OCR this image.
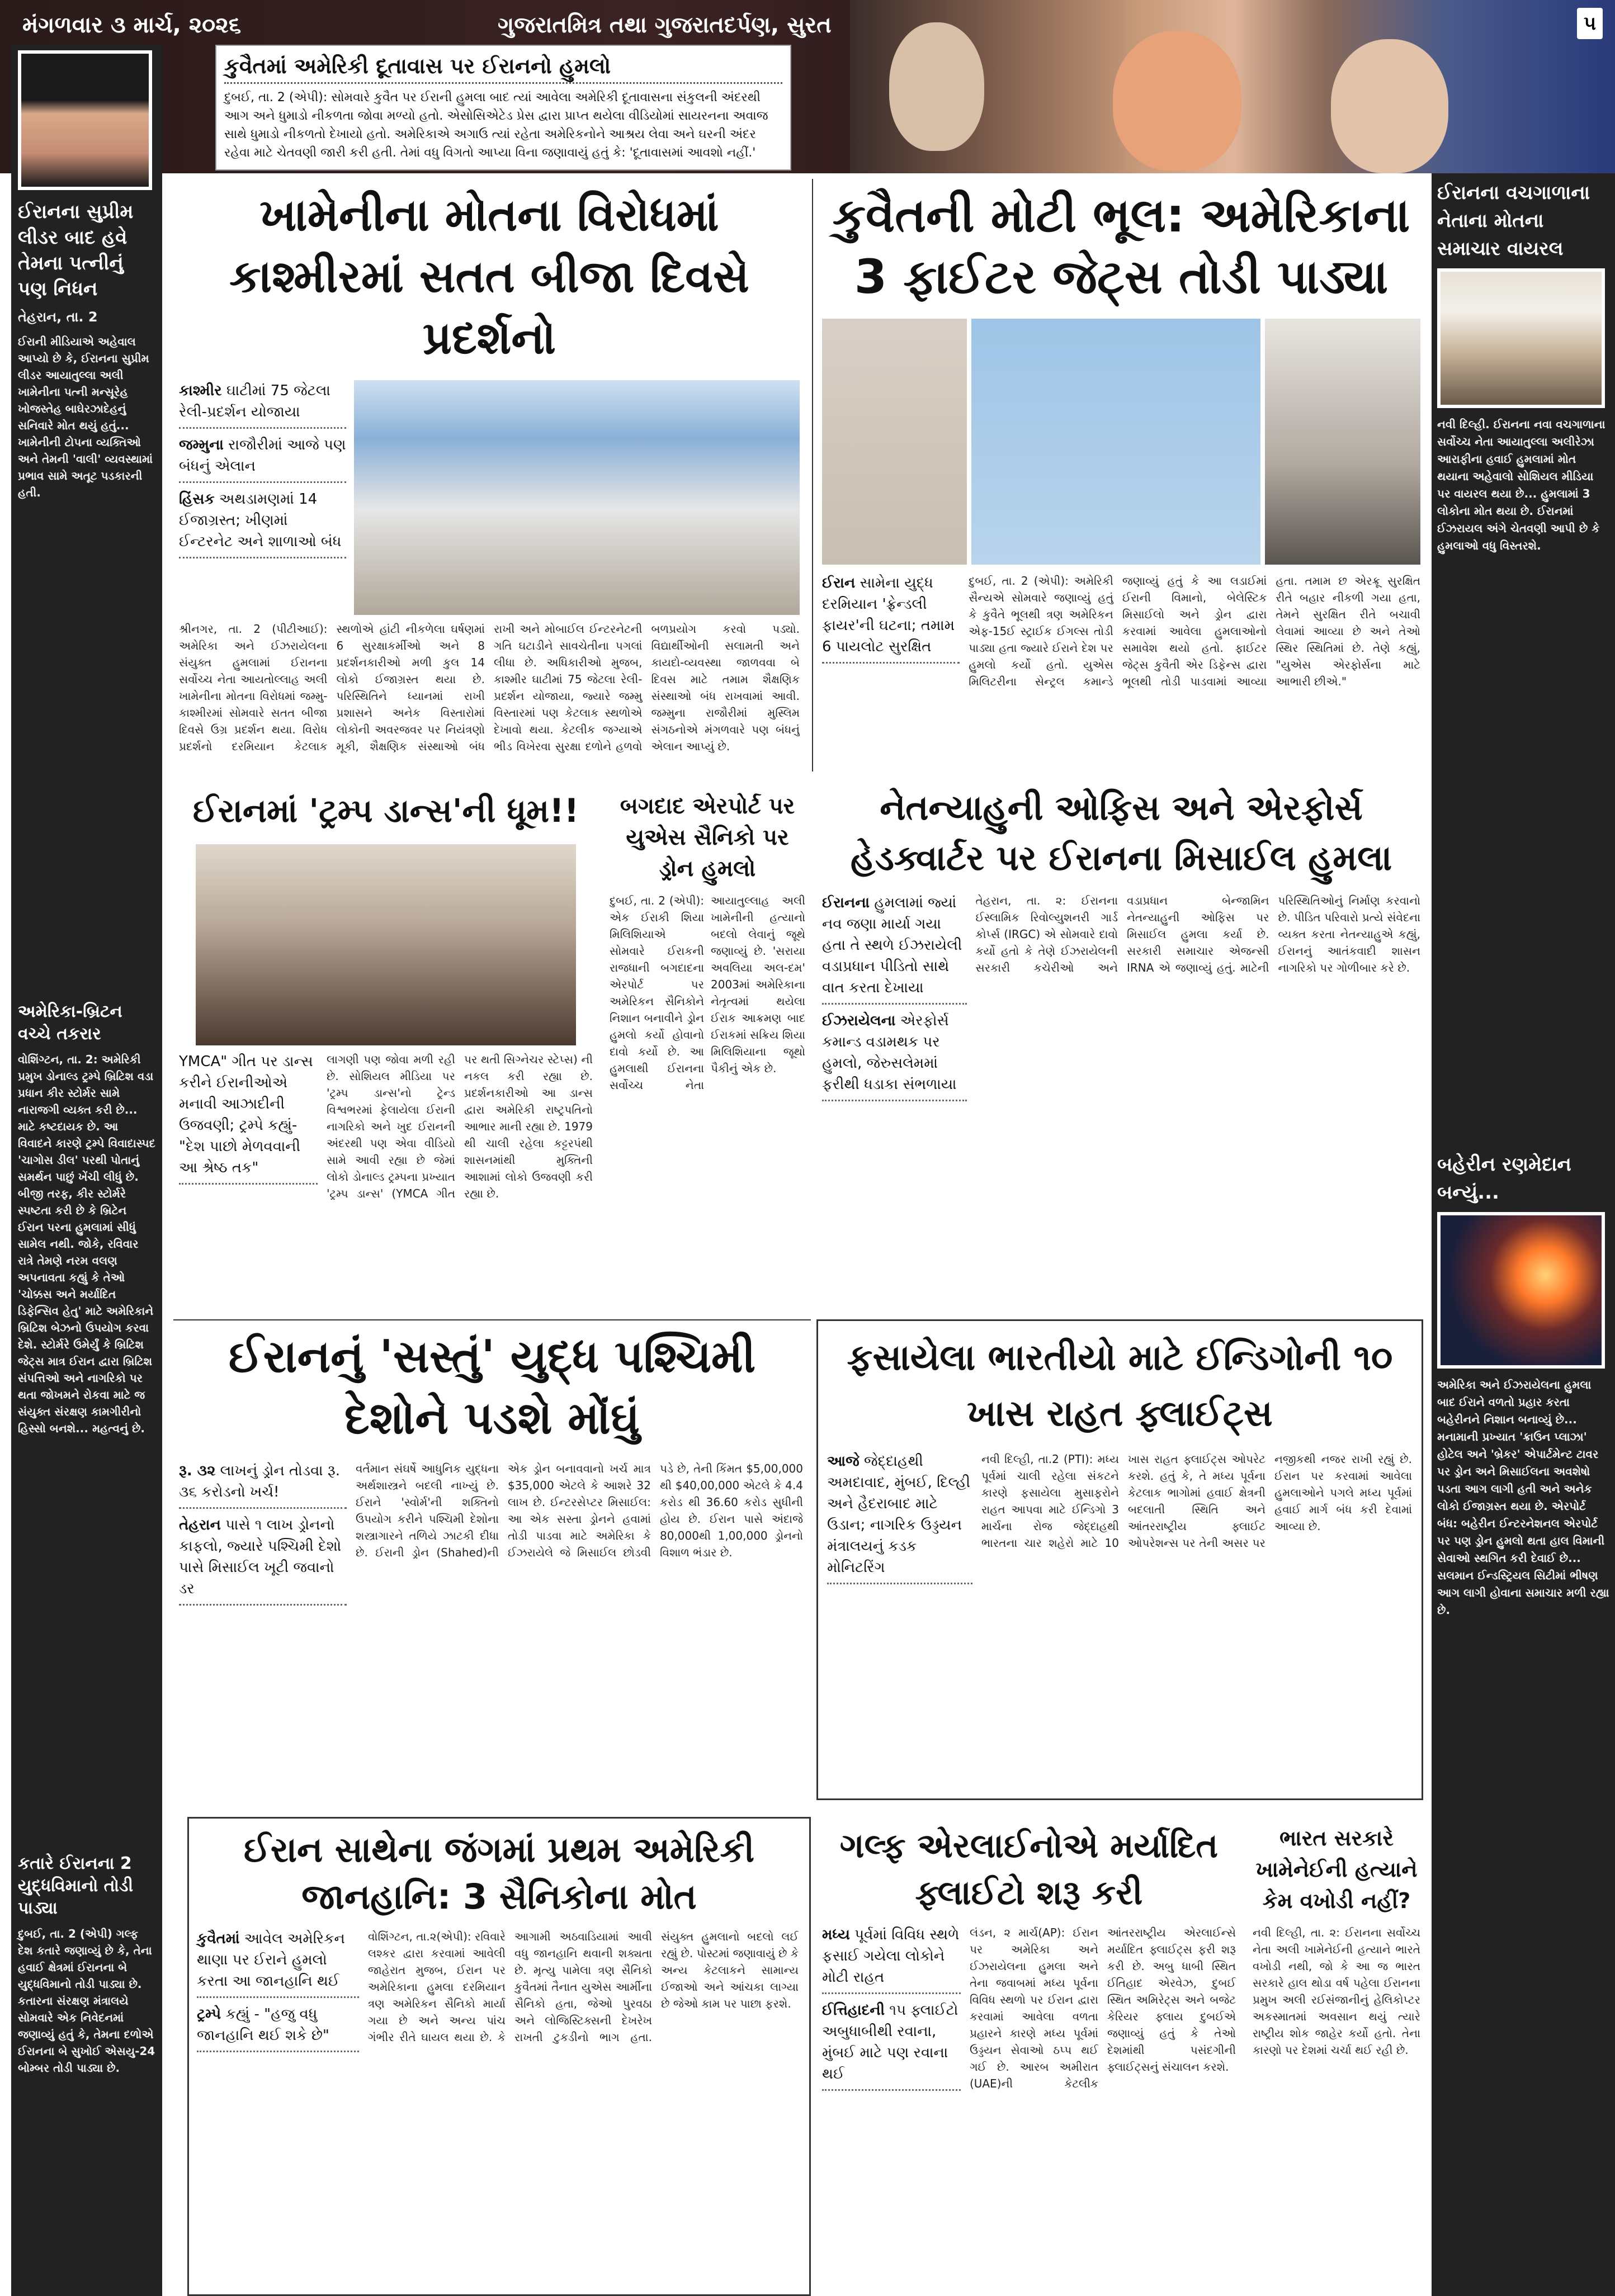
મંગળવાર ૩ માર્ચ, ૨૦૨૬	ગુજરાતમિત્ર તથા ગુજરાતદર્પણ, સુરત	૫
કુવૈતમાં અમેરિકી દૂતાવાસ પર ઈરાનનો હુમલો

દુબઈ, તા. 2 (એપી): સોમવારે કુવૈત પર ઈરાની હુમલા બાદ ત્યાં આવેલા અમેરિકી દૂતાવાસના સંકુલની અંદરથી આગ અને ધુમાડો નીકળતા જોવા મળ્યો હતો. એસોસિએટેડ પ્રેસ દ્વારા પ્રાપ્ત થયેલા વીડિયોમાં સાયરનના અવાજ સાથે ધુમાડો નીકળતો દેખાયો હતો. અમેરિકાએ અગાઉ ત્યાં રહેતા અમેરિકનોને આશ્રય લેવા અને ઘરની અંદર રહેવા માટે ચેતવણી જારી કરી હતી. તેમાં વધુ વિગતો આપ્યા વિના જણાવાયું હતું કે: 'દૂતાવાસમાં આવશો નહીં.'

ઈરાનના સુપ્રીમ લીડર બાદ હવે તેમના પત્નીનું પણ નિધન
તેહરાન, તા. 2
ઈરાની મીડિયાએ અહેવાલ આપ્યો છે કે, ઈરાનના સુપ્રીમ લીડર આયાતુલ્લા અલી ખામેનીના પત્ની મન્સૂરેહ ખોજસ્તેહ બાઘેરઝાદેહનું સનિવારે મોત થયું હતું... ખામેનીની ટોપના વ્યક્તિઓ અને તેમની 'વાલી' વ્યવસ્થામાં પ્રભાવ સામે અતૂટ પડકારની હતી.
અમેરિકા-બ્રિટન વચ્ચે તકરાર
વોશિંગ્ટન, તા. 2: અમેરિકી પ્રમુખ ડોનાલ્ડ ટ્રમ્પે બ્રિટિશ વડા પ્રધાન કીર સ્ટોર્મર સામે નારાજગી વ્યક્ત કરી છે... માટે કષ્ટદાયક છે. આ વિવાદને કારણે ટ્રમ્પે વિવાદાસ્પદ 'ચાગોસ ડીલ' પરથી પોતાનું સમર્થન પાછું ખેંચી લીધું છે. બીજી તરફ, કીર સ્ટોર્મરે સ્પષ્ટતા કરી છે કે બ્રિટેન ઈરાન પરના હુમલામાં સીધું સામેલ નથી. જોકે, રવિવાર રાત્રે તેમણે નરમ વલણ અપનાવતા કહ્યું કે તેઓ 'ચોક્કસ અને મર્યાદિત ડિફેન્સિવ હેતુ' માટે અમેરિકાને બ્રિટિશ બેઝનો ઉપયોગ કરવા દેશે. સ્ટોર્મરે ઉમેર્યું કે બ્રિટિશ જેટ્સ માત્ર ઈરાન દ્વારા બ્રિટિશ સંપત્તિઓ અને નાગરિકો પર થતા જોખમને રોકવા માટે જ સંયુક્ત સંરક્ષણ કામગીરીનો હિસ્સો બનશે... મહત્વનું છે.
કતારે ઈરાનના 2 યુદ્ધવિમાનો તોડી પાડ્યા
દુબઈ, તા. 2 (એપી) ગલ્ફ દેશ કતારે જણાવ્યું છે કે, તેના હવાઈ ક્ષેત્રમાં ઈરાનના બે યુદ્ધવિમાનો તોડી પાડ્યા છે. કતારના સંરક્ષણ મંત્રાલયે સોમવારે એક નિવેદનમાં જણાવ્યું હતું કે, તેમના દળોએ ઈરાનના બે સુખોઈ એસયુ-24 બોમ્બર તોડી પાડ્યા છે.
ઈરાનના વચગાળાના નેતાના મોતના સમાચાર વાયરલ
નવી દિલ્હી. ઈરાનના નવા વચગાળાના સર્વોચ્ચ નેતા આયાતુલ્લા અલીરેઝા આરાફીના હવાઈ હુમલામાં મોત થયાના અહેવાલો સોશિયલ મીડિયા પર વાયરલ થયા છે... હુમલામાં 3 લોકોના મોત થયા છે. ઈરાનમાં ઈઝરાયલ અંગે ચેતવણી આપી છે કે હુમલાઓ વધુ વિસ્તરશે.
બહેરીન રણમેદાન બન્યું...
અમેરિકા અને ઈઝરાયેલના હુમલા બાદ ઈરાને વળતો પ્રહાર કરતા બહેરીનને નિશાન બનાવ્યું છે... મનામાની પ્રખ્યાત 'ક્રાઉન પ્લાઝા' હોટેલ અને 'બ્રેકર' એપાર્ટમેન્ટ ટાવર પર ડ્રોન અને મિસાઈલના અવશેષો પડતા આગ લાગી હતી અને અનેક લોકો ઈજાગ્રસ્ત થયા છે. એરપોર્ટ બંધ: બહેરીન ઈન્ટરનેશનલ એરપોર્ટ પર પણ ડ્રોન હુમલો થતા હાલ વિમાની સેવાઓ સ્થગિત કરી દેવાઈ છે... સલમાન ઈન્ડસ્ટ્રિયલ સિટીમાં ભીષણ આગ લાગી હોવાના સમાચાર મળી રહ્યા છે.
ખામેનીના મોતના વિરોધમાં કાશ્મીરમાં સતત બીજા દિવસે પ્રદર્શનો
કાશ્મીર ઘાટીમાં 75 જેટલા રેલી-પ્રદર્શન યોજાયા
જમ્મુના રાજૌરીમાં આજે પણ બંધનું એલાન
હિંસક અથડામણમાં 14 ઈજાગ્રસ્ત; ખીણમાં ઈન્ટરનેટ અને શાળાઓ બંધ
શ્રીનગર, તા. 2 (પીટીઆઈ): અમેરિકા અને ઈઝરાયેલના સંયુક્ત હુમલામાં ઈરાનના સર્વોચ્ચ નેતા આયતોલ્લાહ અલી ખામેનીના મોતના વિરોધમાં જમ્મુ-કાશ્મીરમાં સોમવારે સતત બીજા દિવસે ઉગ્ર પ્રદર્શન થયા. વિરોધ પ્રદર્શનો દરમિયાન કેટલાક સ્થળોએ હાંટી નીકળેલા ઘર્ષણમાં 6 સુરક્ષાકર્મીઓ અને 8 પ્રદર્શનકારીઓ મળી કુલ 14 લોકો ઈજાગ્રસ્ત થયા છે. પરિસ્થિતિને ધ્યાનમાં રાખી પ્રશાસને અનેક વિસ્તારોમાં લોકોની અવરજવર પર નિયંત્રણો મૂકી, શૈક્ષણિક સંસ્થાઓ બંધ રાખી અને મોબાઈલ ઈન્ટરનેટની ગતિ ઘટાડીને સાવચેતીના પગલાં લીધા છે. અધિકારીઓ મુજબ, કાશ્મીર ઘાટીમાં 75 જેટલા રેલી-પ્રદર્શન યોજાયા, જ્યારે જમ્મુ વિસ્તારમાં પણ કેટલાક સ્થળોએ દેખાવો થયા. કેટલીક જગ્યાએ ભીડ વિખેરવા સુરક્ષા દળોને હળવો બળપ્રયોગ કરવો પડ્યો. વિદ્યાર્થીઓની સલામતી અને કાયદો-વ્યવસ્થા જાળવવા બે દિવસ માટે તમામ શૈક્ષણિક સંસ્થાઓ બંધ રાખવામાં આવી. જમ્મુના રાજૌરીમાં મુસ્લિમ સંગઠનોએ મંગળવારે પણ બંધનું એલાન આપ્યું છે.
કુવૈતની મોટી ભૂલ: અમેરિકાના 3 ફાઈટર જેટ્સ તોડી પાડ્યા
ઈરાન સામેના યુદ્ધ દરમિયાન 'ફ્રેન્ડલી ફાયર'ની ઘટના; તમામ 6 પાયલોટ સુરક્ષિત
દુબઈ, તા. 2 (એપી): અમેરિકી સૈન્યએ સોમવારે જણાવ્યું હતું કે કુવૈતે ભૂલથી ત્રણ અમેરિકન એફ-15ઈ સ્ટ્રાઈક ઈગલ્સ તોડી પાડ્યા હતા જ્યારે ઈરાને દેશ પર હુમલો કર્યો હતો. યુએસ મિલિટરીના સેન્ટ્રલ કમાન્ડે જણાવ્યું હતું કે આ લડાઈમાં ઈરાની વિમાનો, બેલેસ્ટિક મિસાઈલો અને ડ્રોન દ્વારા કરવામાં આવેલા હુમલાઓનો સમાવેશ થયો હતો. ફાઈટર જેટ્સ કુવૈતી એર ડિફેન્સ દ્વારા ભૂલથી તોડી પાડવામાં આવ્યા હતા. તમામ છ એરક્રૂ સુરક્ષિત રીતે બહાર નીકળી ગયા હતા, તેમને સુરક્ષિત રીતે બચાવી લેવામાં આવ્યા છે અને તેઓ સ્થિર સ્થિતિમાં છે. તેણે કહ્યું, "યુએસ એરફોર્સના માટે આભારી છીએ."
ઈરાનમાં 'ટ્રમ્પ ડાન્સ'ની ધૂમ!!
YMCA" ગીત પર ડાન્સ કરીને ઈરાનીઓએ મનાવી આઝાદીની ઉજવણી; ટ્રમ્પે કહ્યું- "દેશ પાછો મેળવવાની આ શ્રેષ્ઠ તક"
લાગણી પણ જોવા મળી રહી છે. સોશિયલ મીડિયા પર 'ટ્રમ્પ ડાન્સ'નો ટ્રેન્ડ વિશ્વભરમાં ફેલાયેલા ઈરાની નાગરિકો અને ખુદ ઈરાનની અંદરથી પણ એવા વીડિયો સામે આવી રહ્યા છે જેમાં લોકો ડોનાલ્ડ ટ્રમ્પના પ્રખ્યાત 'ટ્રમ્પ ડાન્સ' (YMCA ગીત પર થતી સિગ્નેચર સ્ટેપ્સ) ની નકલ કરી રહ્યા છે. પ્રદર્શનકારીઓ આ ડાન્સ દ્વારા અમેરિકી રાષ્ટ્રપતિનો આભાર માની રહ્યા છે. 1979 થી ચાલી રહેલા કટ્ટરપંથી શાસનમાંથી મુક્તિની આશામાં લોકો ઉજવણી કરી રહ્યા છે.
બગદાદ એરપોર્ટ પર યુએસ સૈનિકો પર ડ્રોન હુમલો
દુબઈ, તા. 2 (એપી): એક ઈરાકી શિયા મિલિશિયાએ સોમવારે ઈરાકની રાજધાની બગદાદના એરપોર્ટ પર અમેરિકન સૈનિકોને નિશાન બનાવીને ડ્રોન હુમલો કર્યો હોવાનો દાવો કર્યો છે. આ હુમલાથી ઈરાનના સર્વોચ્ચ નેતા આયાતુલ્લાહ અલી ખામેનીની હત્યાનો બદલો લેવાનું જૂથે જણાવ્યું છે. 'સરાયા અવલિયા અલ-દમ' 2003માં અમેરિકાના નેતૃત્વમાં થયેલા ઈરાક આક્રમણ બાદ ઈરાકમાં સક્રિય શિયા મિલિશિયાના જૂથો પૈકીનું એક છે.
નેતન્યાહુની ઓફિસ અને એરફોર્સ હેડક્વાર્ટર પર ઈરાનના મિસાઈલ હુમલા
ઈરાનના હુમલામાં જ્યાં નવ જણા માર્યા ગયા હતા તે સ્થળે ઈઝરાયેલી વડાપ્રધાન પીડિતો સાથે વાત કરતા દેખાયા
ઈઝરાયેલના એરફોર્સ કમાન્ડ વડામથક પર હુમલો, જેરુસલેમમાં ફરીથી ધડાકા સંભળાયા
તેહરાન, તા. ૨: ઈરાનના ઈસ્લામિક રિવોલ્યુશનરી ગાર્ડ કોર્પ્સ (IRGC) એ સોમવારે દાવો કર્યો હતો કે તેણે ઈઝરાયેલની સરકારી કચેરીઓ અને વડાપ્રધાન બેન્જામિન નેતન્યાહુની ઓફિસ પર મિસાઈલ હુમલા કર્યા છે. સરકારી સમાચાર એજન્સી IRNA એ જણાવ્યું હતું. માટેની પરિસ્થિતિઓનું નિર્માણ કરવાનો છે. પીડિત પરિવારો પ્રત્યે સંવેદના વ્યક્ત કરતા નેતન્યાહુએ કહ્યું, ઈરાનનું આતંકવાદી શાસન નાગરિકો પર ગોળીબાર કરે છે.
ઈરાનનું 'સસ્તું' યુદ્ધ પશ્ચિમી દેશોને પડશે મોંઘું
રૂ. ૩૨ લાખનું ડ્રોન તોડવા રૂ. ૩૬ કરોડનો ખર્ચ!
તેહરાન પાસે ૧ લાખ ડ્રોનનો કાફલો, જ્યારે પશ્ચિમી દેશો પાસે મિસાઈલ ખૂટી જવાનો ડર
વર્તમાન સંઘર્ષે આધુનિક યુદ્ધના અર્થશાસ્ત્રને બદલી નાખ્યું છે. ઈરાને 'સ્વોર્મ'ની શક્તિનો ઉપયોગ કરીને પશ્ચિમી દેશોના શસ્ત્રાગારને તળિયે ઝાટકી દીધા છે. ઈરાની ડ્રોન (Shahed)ની એક ડ્રોન બનાવવાનો ખર્ચ માત્ર $35,000 એટલે કે આશરે 32 લાખ છે. ઈન્ટરસેપ્ટર મિસાઈલ: આ એક સસ્તા ડ્રોનને હવામાં તોડી પાડવા માટે અમેરિકા કે ઈઝરાયેલે જે મિસાઈલ છોડવી પડે છે, તેની કિંમત $5,00,000 થી $40,00,000 એટલે કે 4.4 કરોડ થી 36.60 કરોડ સુધીની હોય છે. ઈરાન પાસે અંદાજે 80,000થી 1,00,000 ડ્રોનનો વિશાળ ભંડાર છે.
ફસાયેલા ભારતીયો માટે ઈન્ડિગોની ૧૦ ખાસ રાહત ફ્લાઈટ્સ
આજે જેદ્દાહથી અમદાવાદ, મુંબઈ, દિલ્હી અને હૈદરાબાદ માટે ઉડાન; નાગરિક ઉડ્ડયન મંત્રાલયનું કડક મોનિટરિંગ
નવી દિલ્હી, તા.2 (PTI): મધ્ય પૂર્વમાં ચાલી રહેલા સંકટને કારણે ફસાયેલા મુસાફરોને રાહત આપવા માટે ઈન્ડિગો 3 માર્ચના રોજ જેદ્દાહથી ભારતના ચાર શહેરો માટે 10 ખાસ રાહત ફ્લાઈટ્સ ઓપરેટ કરશે. હતું કે, તે મધ્ય પૂર્વના કેટલાક ભાગોમાં હવાઈ ક્ષેત્રની બદલાતી સ્થિતિ અને આંતરરાષ્ટ્રીય ફ્લાઈટ ઓપરેશન્સ પર તેની અસર પર નજીકથી નજર રાખી રહ્યું છે. ઈરાન પર કરવામાં આવેલા હુમલાઓને પગલે મધ્ય પૂર્વમાં હવાઈ માર્ગ બંધ કરી દેવામાં આવ્યા છે.
ઈરાન સાથેના જંગમાં પ્રથમ અમેરિકી જાનહાનિ: 3 સૈનિકોના મોત
કુવૈતમાં આવેલ અમેરિકન થાણા પર ઈરાને હુમલો કરતા આ જાનહાનિ થઈ
ટ્રમ્પે કહ્યું - "હજુ વધુ જાનહાનિ થઈ શકે છે"
વોશિંગ્ટન, તા.૨(એપી): રવિવારે લશ્કર દ્વારા કરવામાં આવેલી જાહેરાત મુજબ, ઈરાન પર અમેરિકાના હુમલા દરમિયાન ત્રણ અમેરિકન સૈનિકો માર્યા ગયા છે અને અન્ય પાંચ ગંભીર રીતે ઘાયલ થયા છે. કે આગામી અઠવાડિયામાં આવી વધુ જાનહાનિ થવાની શક્યતા છે. મૃત્યુ પામેલા ત્રણ સૈનિકો કુવૈતમાં તૈનાત યુએસ આર્મીના સૈનિકો હતા, જેઓ પુરવઠા અને લોજિસ્ટિક્સની દેખરેખ રાખતી ટુકડીનો ભાગ હતા. સંયુક્ત હુમલાનો બદલો લઈ રહ્યું છે. પોસ્ટમાં જણાવાયું છે કે અન્ય કેટલાકને સામાન્ય ઈજાઓ અને આંચકા લાગ્યા છે જેઓ કામ પર પાછા ફરશે.
ગલ્ફ એરલાઈનોએ મર્યાદિત ફ્લાઈટો શરૂ કરી
મધ્ય પૂર્વમાં વિવિધ સ્થળે ફસાઈ ગયેલા લોકોને મોટી રાહત
ઈત્તિહાદની ૧૫ ફ્લાઈટો અબુધાબીથી રવાના, મુંબઈ માટે પણ રવાના થઈ
લંડન, ૨ માર્ચ(AP): ઈરાન પર અમેરિકા અને ઈઝરાયેલના હુમલા અને તેના જવાબમાં મધ્ય પૂર્વના વિવિધ સ્થળો પર ઈરાન દ્વારા કરવામાં આવેલા વળતા પ્રહારને કારણે મધ્ય પૂર્વમાં ઉડ્ડયન સેવાઓ ઠપ્પ થઈ ગઈ છે. આરબ અમીરાત (UAE)ની કેટલીક આંતરરાષ્ટ્રીય એરલાઈન્સે મર્યાદિત ફ્લાઈટ્સ ફરી શરૂ કરી છે. અબુ ધાબી સ્થિત ઈતિહાદ એરવેઝ, દુબઈ સ્થિત અમિરેટ્સ અને બજેટ કેરિયર ફ્લાય દુબઈએ જણાવ્યું હતું કે તેઓ દેશમાંથી પસંદગીની ફ્લાઈટ્સનું સંચાલન કરશે.
ભારત સરકારે ખામેનેઈની હત્યાને કેમ વખોડી નહીં?
નવી દિલ્હી, તા. ૨: ઈરાનના સર્વોચ્ચ નેતા અલી ખામેનેઈની હત્યાને ભારતે વખોડી નથી, જો કે આ જ ભારત સરકારે હાલ થોડા વર્ષ પહેલા ઈરાનના પ્રમુખ અલી રઈસંજાનીનું હેલિકોપ્ટર અકસ્માતમાં અવસાન થયું ત્યારે રાષ્ટ્રીય શોક જાહેર કર્યો હતો. તેના કારણો પર દેશમાં ચર્ચા થઈ રહી છે.
